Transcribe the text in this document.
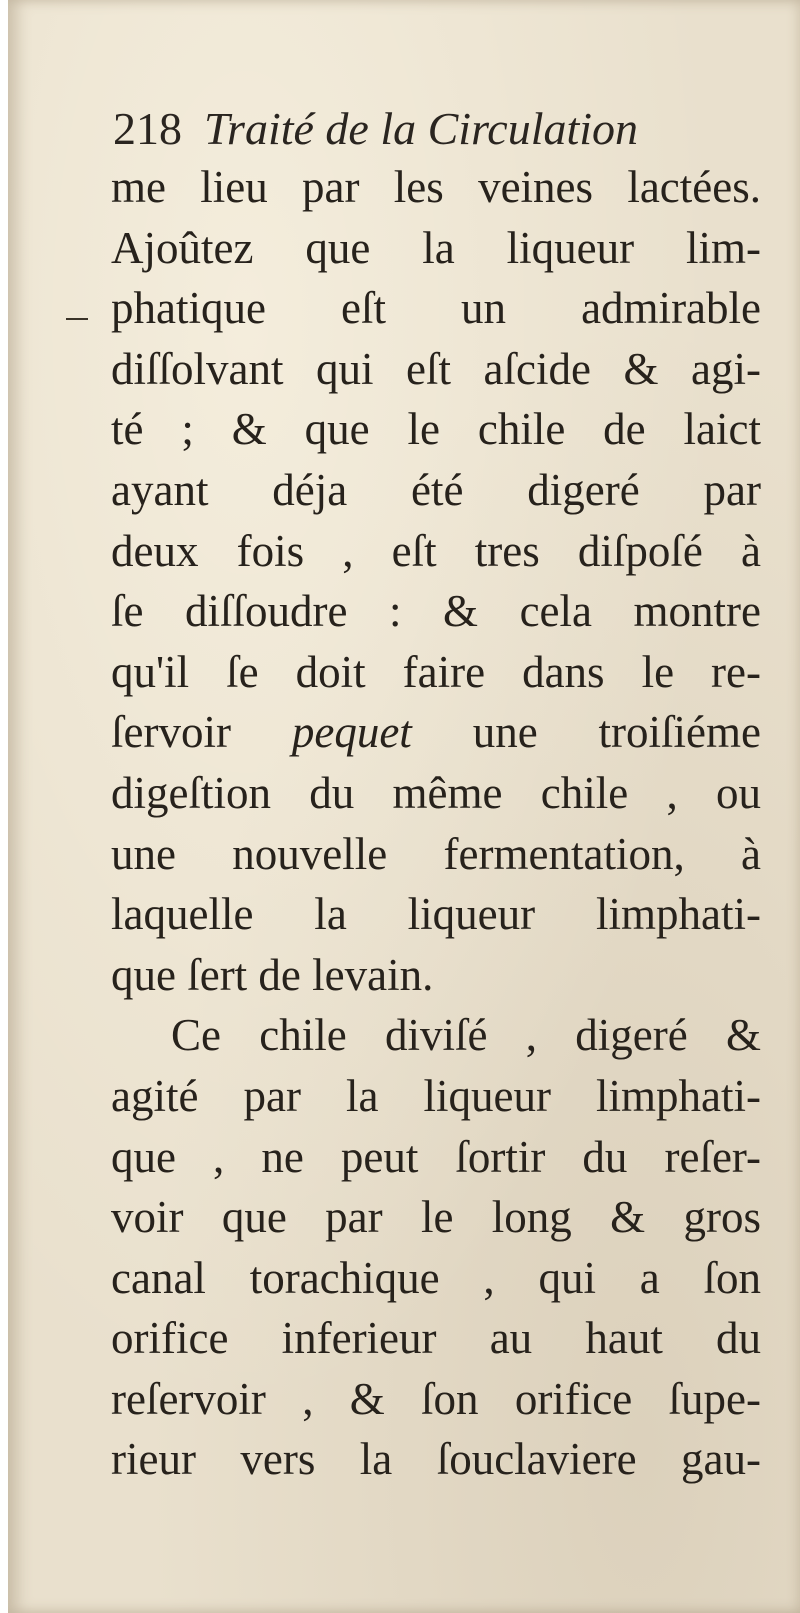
218 Traité de la Circulation
me lieu par les veines lactées.
Ajoûtez que la liqueur lim-
phatique eſt un admirable
diſſolvant qui eſt aſcide & agi-
té ; & que le chile de laict
ayant déja été digeré par
deux fois , eſt tres diſpoſé à
ſe diſſoudre : & cela montre
qu'il ſe doit faire dans le re-
ſervoir pequet une troiſiéme
digeſtion du même chile , ou
une nouvelle fermentation, à
laquelle la liqueur limphati-
que ſert de levain.
Ce chile diviſé , digeré &
agité par la liqueur limphati-
que , ne peut ſortir du reſer-
voir que par le long & gros
canal torachique , qui a ſon
orifice inferieur au haut du
reſervoir , & ſon orifice ſupe-
rieur vers la ſouclaviere gau-
